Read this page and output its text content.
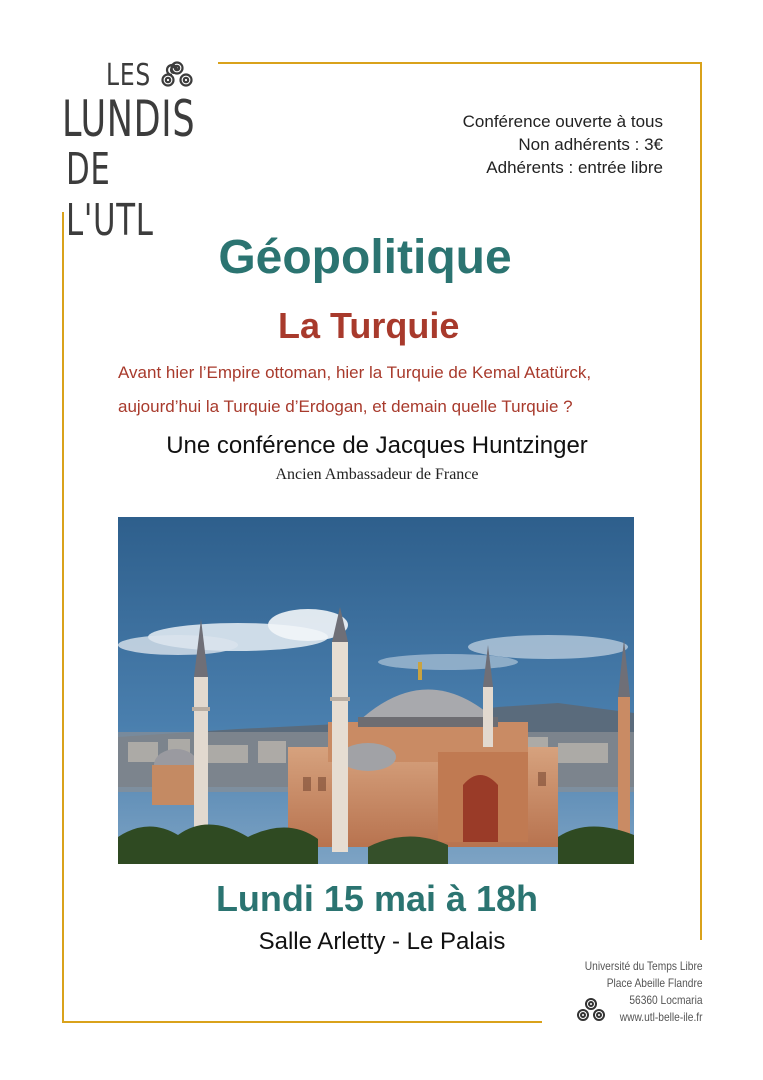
LES
LUNDIS
DE L'UTL
Conférence ouverte à tous
Non adhérents : 3€
Adhérents : entrée libre
Géopolitique
La Turquie
Avant hier l’Empire ottoman, hier la Turquie de Kemal Atatürck,
aujourd’hui la Turquie d’Erdogan, et demain quelle Turquie ?
Une conférence de Jacques Huntzinger
Ancien Ambassadeur de France
Lundi 15 mai à 18h
Salle Arletty - Le Palais
Université du Temps Libre
Place Abeille Flandre
56360 Locmaria
www.utl-belle-ile.fr
